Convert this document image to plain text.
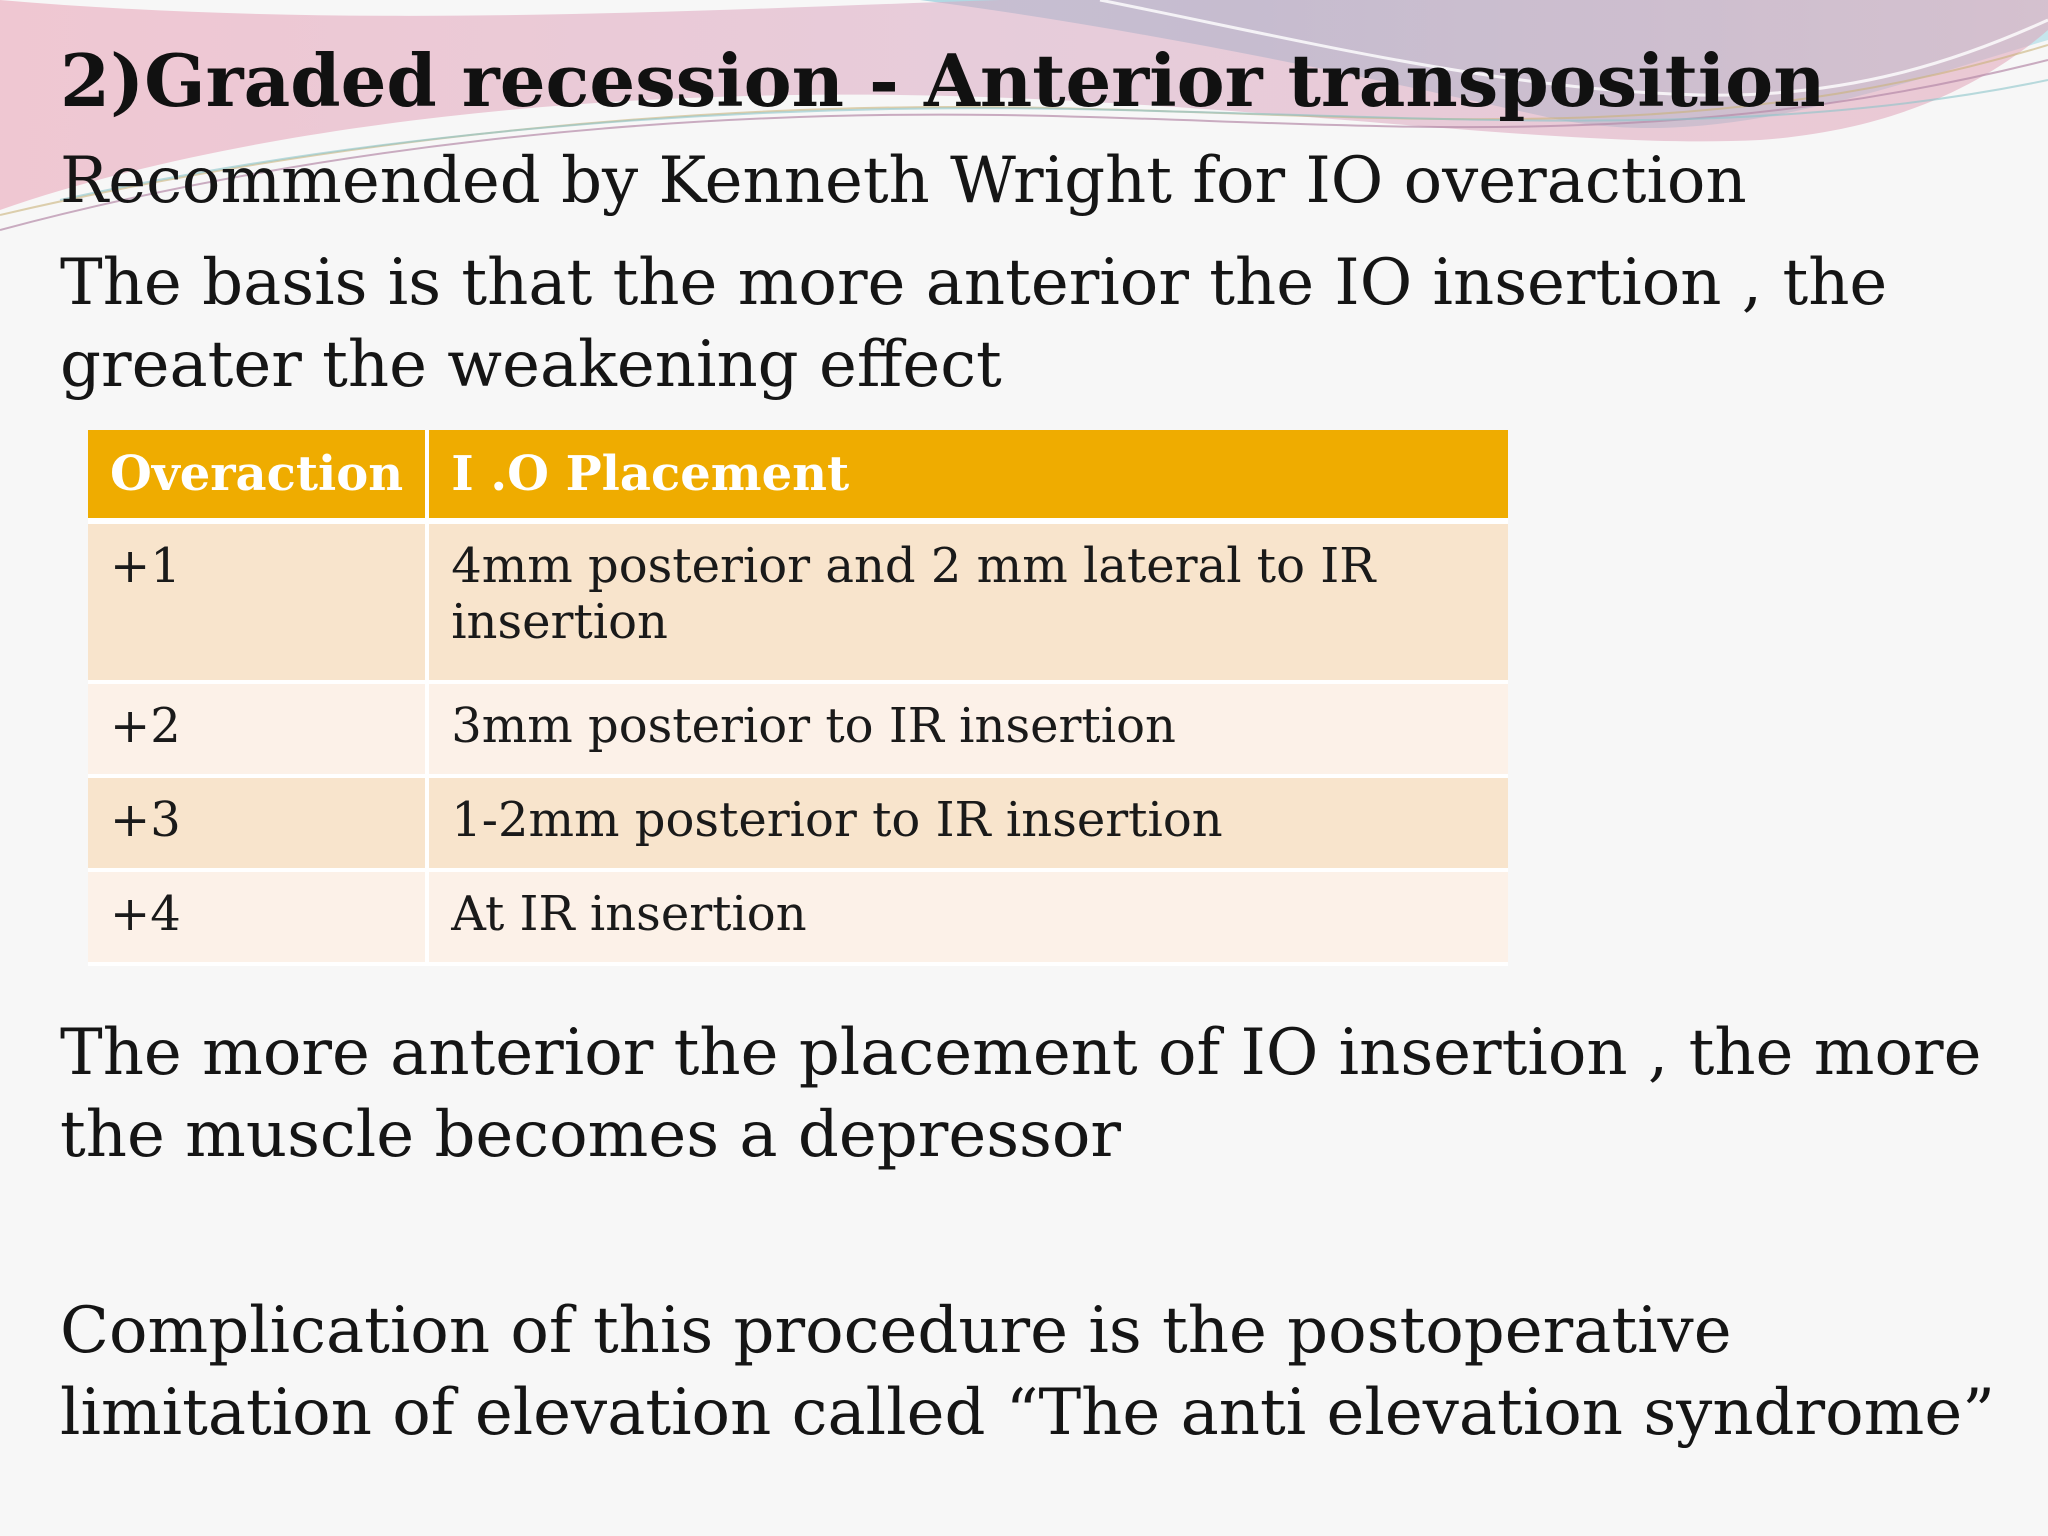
2)Graded recession - Anterior transposition

Recommended by Kenneth Wright for IO overaction

The basis is that the more anterior the IO insertion , the
greater the weakening effect

Overaction	I .O Placement
+1	4mm posterior and 2 mm lateral to IR insertion
+2	3mm posterior to IR insertion
+3	1-2mm posterior to IR insertion
+4	At IR insertion

The more anterior the placement of IO insertion , the more
the muscle becomes a depressor

Complication of this procedure is the postoperative
limitation of elevation called “The anti elevation syndrome”
